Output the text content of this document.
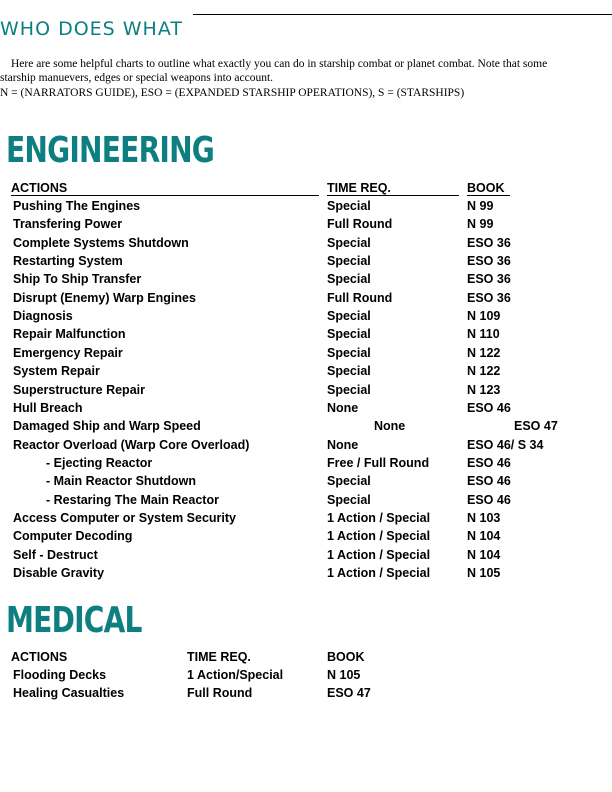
WHO DOES WHAT
Here are some helpful charts to outline what exactly you can do in starship combat or planet combat. Note that some
starship manuevers, edges or special weapons into account.
N = (NARRATORS GUIDE), ESO = (EXPANDED STARSHIP OPERATIONS), S = (STARSHIPS)
ENGINEERING
ACTIONS	TIME REQ.	BOOK
Pushing The Engines	Special	N 99
Transfering Power	Full Round	N 99
Complete Systems Shutdown	Special	ESO 36
Restarting System	Special	ESO 36
Ship To Ship Transfer	Special	ESO 36
Disrupt (Enemy) Warp Engines	Full Round	ESO 36
Diagnosis	Special	N 109
Repair Malfunction	Special	N 110
Emergency Repair	Special	N 122
System Repair	Special	N 122
Superstructure Repair	Special	N 123
Hull Breach	None	ESO 46
Damaged Ship and Warp Speed	None	ESO 47
Reactor Overload (Warp Core Overload)	None	ESO 46/ S 34
- Ejecting Reactor	Free / Full Round	ESO 46
- Main Reactor Shutdown	Special	ESO 46
- Restaring The Main Reactor	Special	ESO 46
Access Computer or System Security	1 Action / Special	N 103
Computer Decoding	1 Action / Special	N 104
Self - Destruct	1 Action / Special	N 104
Disable Gravity	1 Action / Special	N 105
MEDICAL
ACTIONS	TIME REQ.	BOOK
Flooding Decks	1 Action/Special	N 105
Healing Casualties	Full Round	ESO 47
